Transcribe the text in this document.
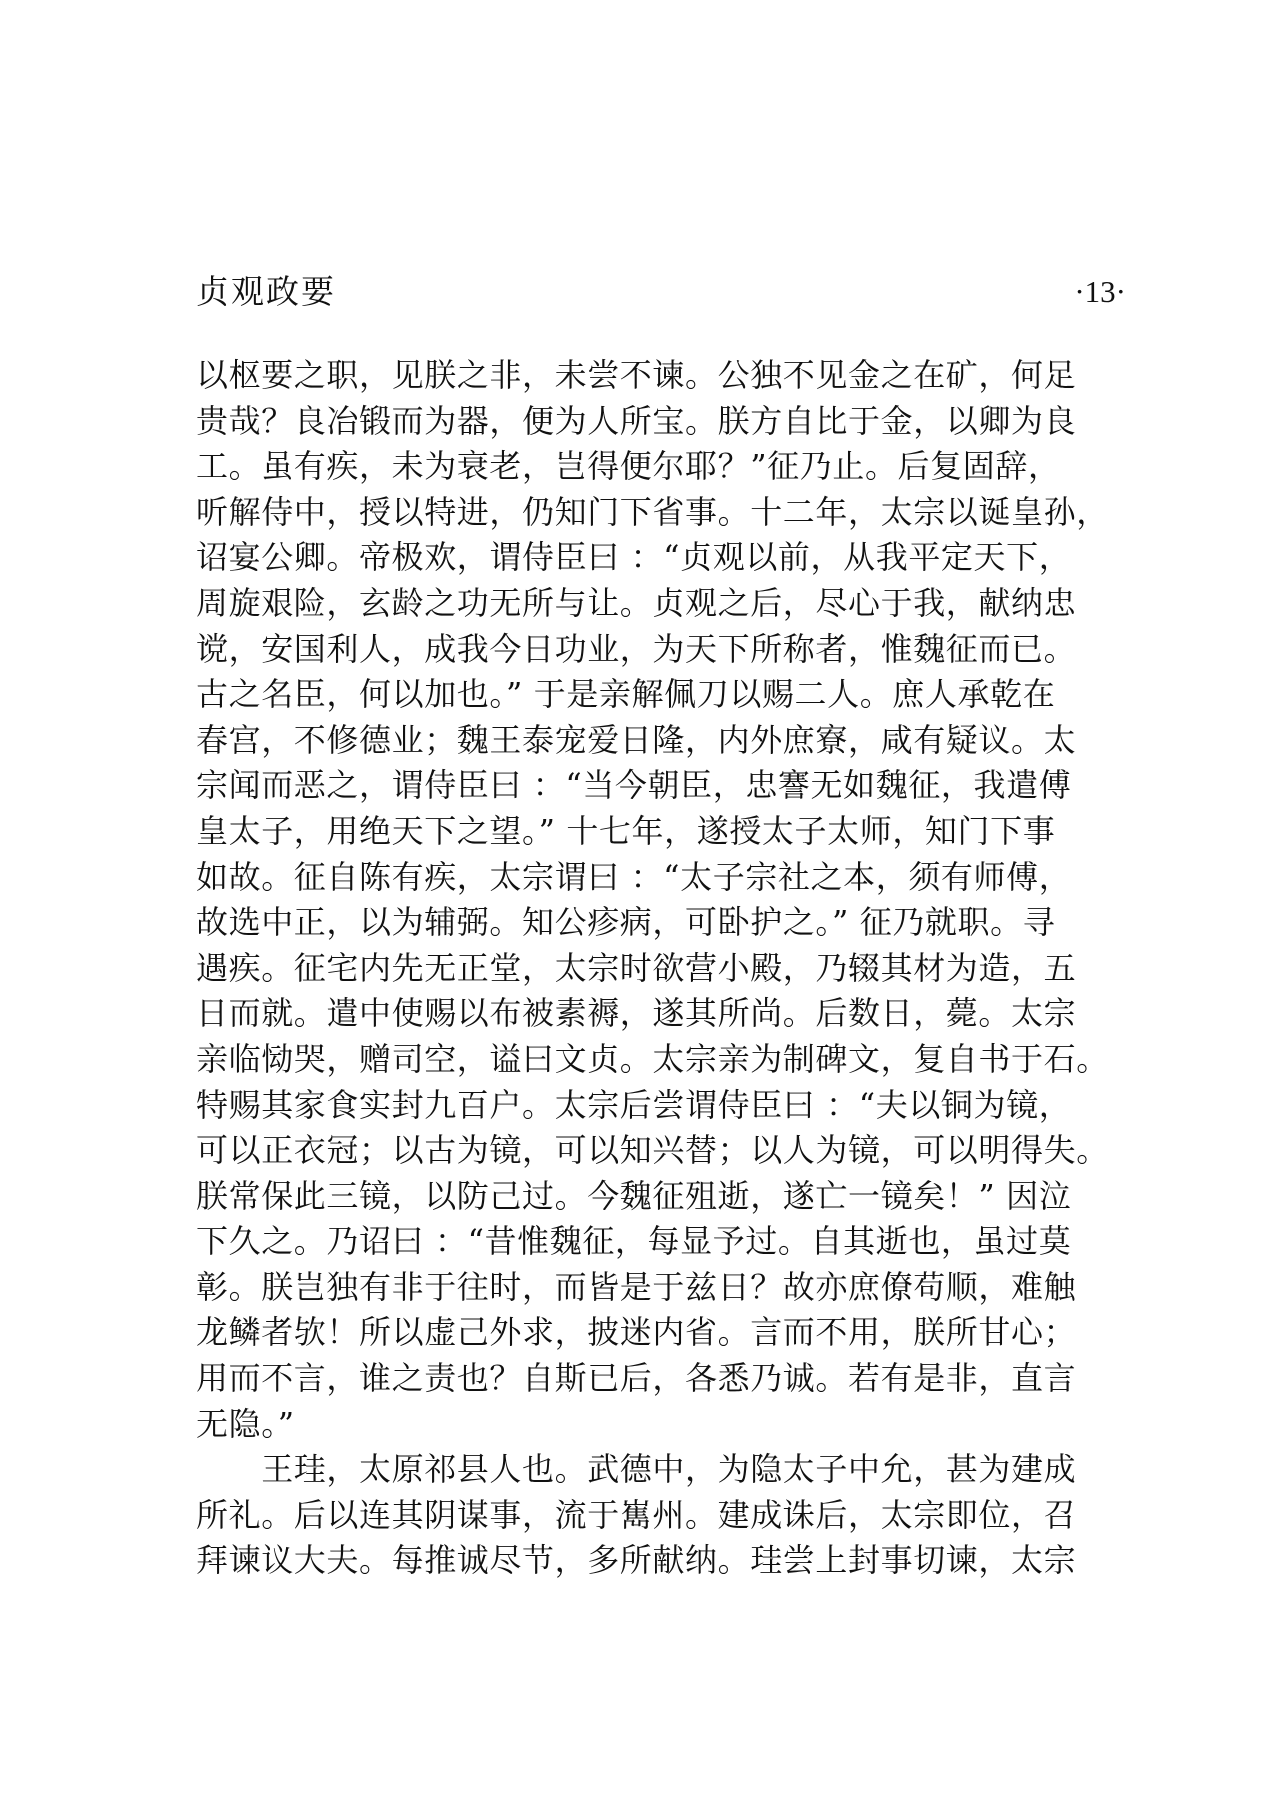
贞观政要	·13·
以枢要之职，见朕之非，未尝不谏。公独不见金之在矿，何足
贵哉？良冶锻而为器，便为人所宝。朕方自比于金，以卿为良
工。虽有疾，未为衰老，岂得便尔耶？”征乃止。后复固辞，
听解侍中，授以特进，仍知门下省事。十二年，太宗以诞皇孙，
诏宴公卿。帝极欢，谓侍臣曰 ：“贞观以前，从我平定天下，
周旋艰险，玄龄之功无所与让。贞观之后，尽心于我，献纳忠
谠，安国利人，成我今日功业，为天下所称者，惟魏征而已。
古之名臣，何以加也。” 于是亲解佩刀以赐二人。庶人承乾在
春宫，不修德业；魏王泰宠爱日隆，内外庶寮，咸有疑议。太
宗闻而恶之，谓侍臣曰 ：“当今朝臣，忠謇无如魏征，我遣傅
皇太子，用绝天下之望。” 十七年，遂授太子太师，知门下事
如故。征自陈有疾，太宗谓曰 ：“太子宗社之本，须有师傅，
故选中正，以为辅弼。知公疹病，可卧护之。” 征乃就职。寻
遇疾。征宅内先无正堂，太宗时欲营小殿，乃辍其材为造，五
日而就。遣中使赐以布被素褥，遂其所尚。后数日，薨。太宗
亲临恸哭，赠司空，谥曰文贞。太宗亲为制碑文，复自书于石。
特赐其家食实封九百户。太宗后尝谓侍臣曰 ：“夫以铜为镜，
可以正衣冠；以古为镜，可以知兴替；以人为镜，可以明得失。
朕常保此三镜，以防己过。今魏征殂逝，遂亡一镜矣！” 因泣
下久之。乃诏曰 ：“昔惟魏征，每显予过。自其逝也，虽过莫
彰。朕岂独有非于往时，而皆是于兹日？故亦庶僚苟顺，难触
龙鳞者欤！所以虚己外求，披迷内省。言而不用，朕所甘心；
用而不言，谁之责也？自斯已后，各悉乃诚。若有是非，直言
无隐。”
　　王珪，太原祁县人也。武德中，为隐太子中允，甚为建成
所礼。后以连其阴谋事，流于嶲州。建成诛后，太宗即位，召
拜谏议大夫。每推诚尽节，多所献纳。珪尝上封事切谏，太宗
